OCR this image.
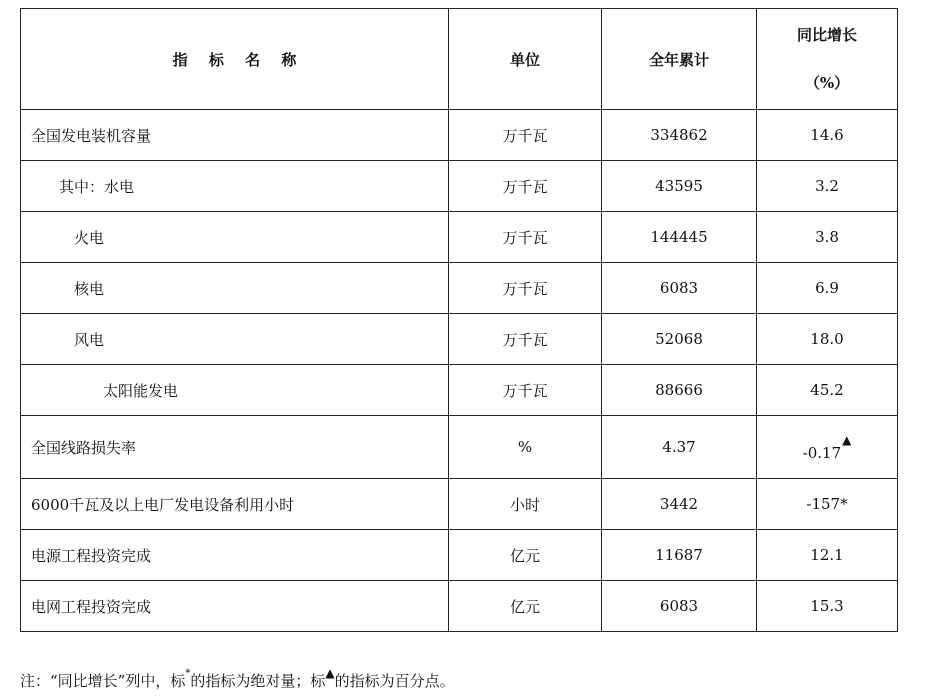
指 标 名 称	单位	全年累计	同比增长
（%）

全国发电装机容量	万千瓦	334862	14.6
其中：水电	万千瓦	43595	3.2
火电	万千瓦	144445	3.8
核电	万千瓦	6083	6.9
风电	万千瓦	52068	18.0
太阳能发电	万千瓦	88666	45.2
全国线路损失率	%	4.37	-0.17▲
6000千瓦及以上电厂发电设备利用小时	小时	3442	-157*
电源工程投资完成	亿元	11687	12.1
电网工程投资完成	亿元	6083	15.3
注：“同比增长”列中，标*的指标为绝对量；标▲的指标为百分点。
